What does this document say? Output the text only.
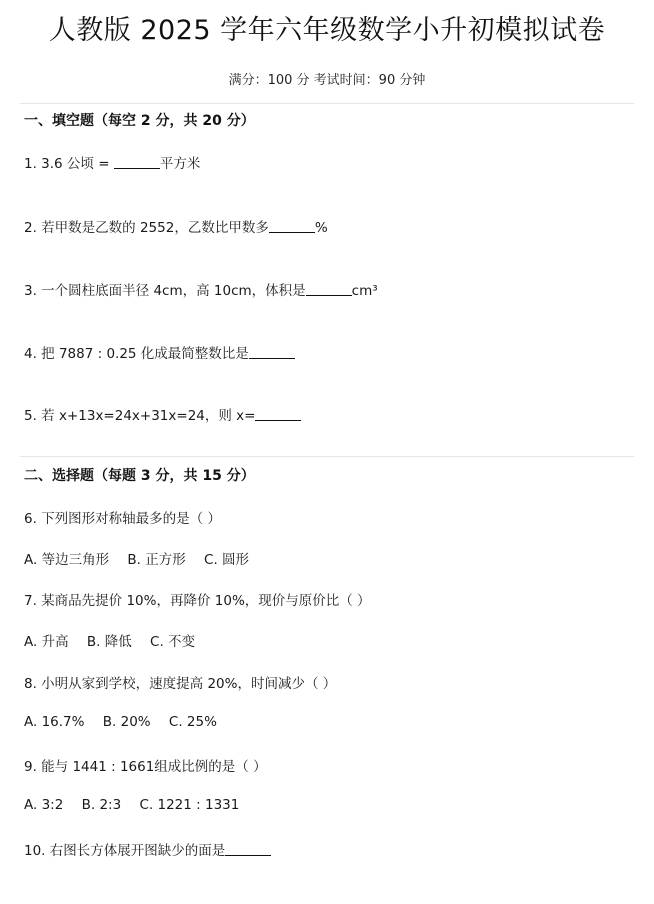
人教版 2025 学年六年级数学小升初模拟试卷
满分：100 分 考试时间：90 分钟
一、填空题（每空 2 分，共 20 分）
1. 3.6 公顷 =	平方米
2. 若甲数是乙数的 2552，乙数比甲数多	%
3. 一个圆柱底面半径 4cm，高 10cm，体积是	cm³
4. 把 7887 : 0.25 化成最简整数比是
5. 若 x+13x=24x+31x=24，则 x=
二、选择题（每题 3 分，共 15 分）
6. 下列图形对称轴最多的是（ ）
A. 等边三角形 B. 正方形 C. 圆形
7. 某商品先提价 10%，再降价 10%，现价与原价比（ ）
A. 升高 B. 降低 C. 不变
8. 小明从家到学校，速度提高 20%，时间减少（ ）
A. 16.7% B. 20% C. 25%
9. 能与 1441 : 1661组成比例的是（ ）
A. 3:2 B. 2:3 C. 1221 : 1331
10. 右图长方体展开图缺少的面是
